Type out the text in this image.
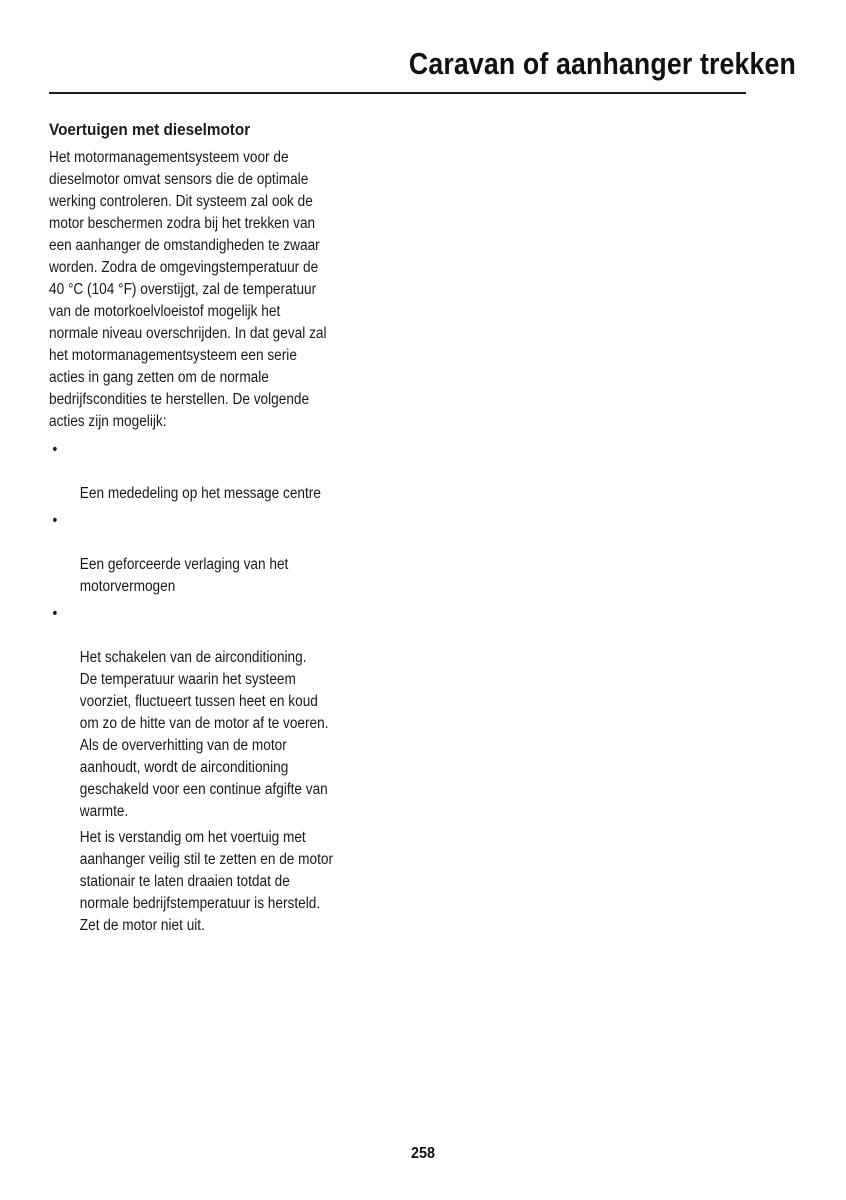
Caravan of aanhanger trekken
Voertuigen met dieselmotor

Het motormanagementsysteem voor de
dieselmotor omvat sensors die de optimale
werking controleren. Dit systeem zal ook de
motor beschermen zodra bij het trekken van
een aanhanger de omstandigheden te zwaar
worden. Zodra de omgevingstemperatuur de
40 °C (104 °F) overstijgt, zal de temperatuur
van de motorkoelvloeistof mogelijk het
normale niveau overschrijden. In dat geval zal
het motormanagementsysteem een serie
acties in gang zetten om de normale
bedrijfscondities te herstellen. De volgende
acties zijn mogelijk:

•

Een mededeling op het message centre

•

Een geforceerde verlaging van het
motorvermogen

•

Het schakelen van de airconditioning.
De temperatuur waarin het systeem
voorziet, fluctueert tussen heet en koud
om zo de hitte van de motor af te voeren.
Als de oververhitting van de motor
aanhoudt, wordt de airconditioning
geschakeld voor een continue afgifte van
warmte.

Het is verstandig om het voertuig met
aanhanger veilig stil te zetten en de motor
stationair te laten draaien totdat de
normale bedrijfstemperatuur is hersteld.
Zet de motor niet uit.

258
